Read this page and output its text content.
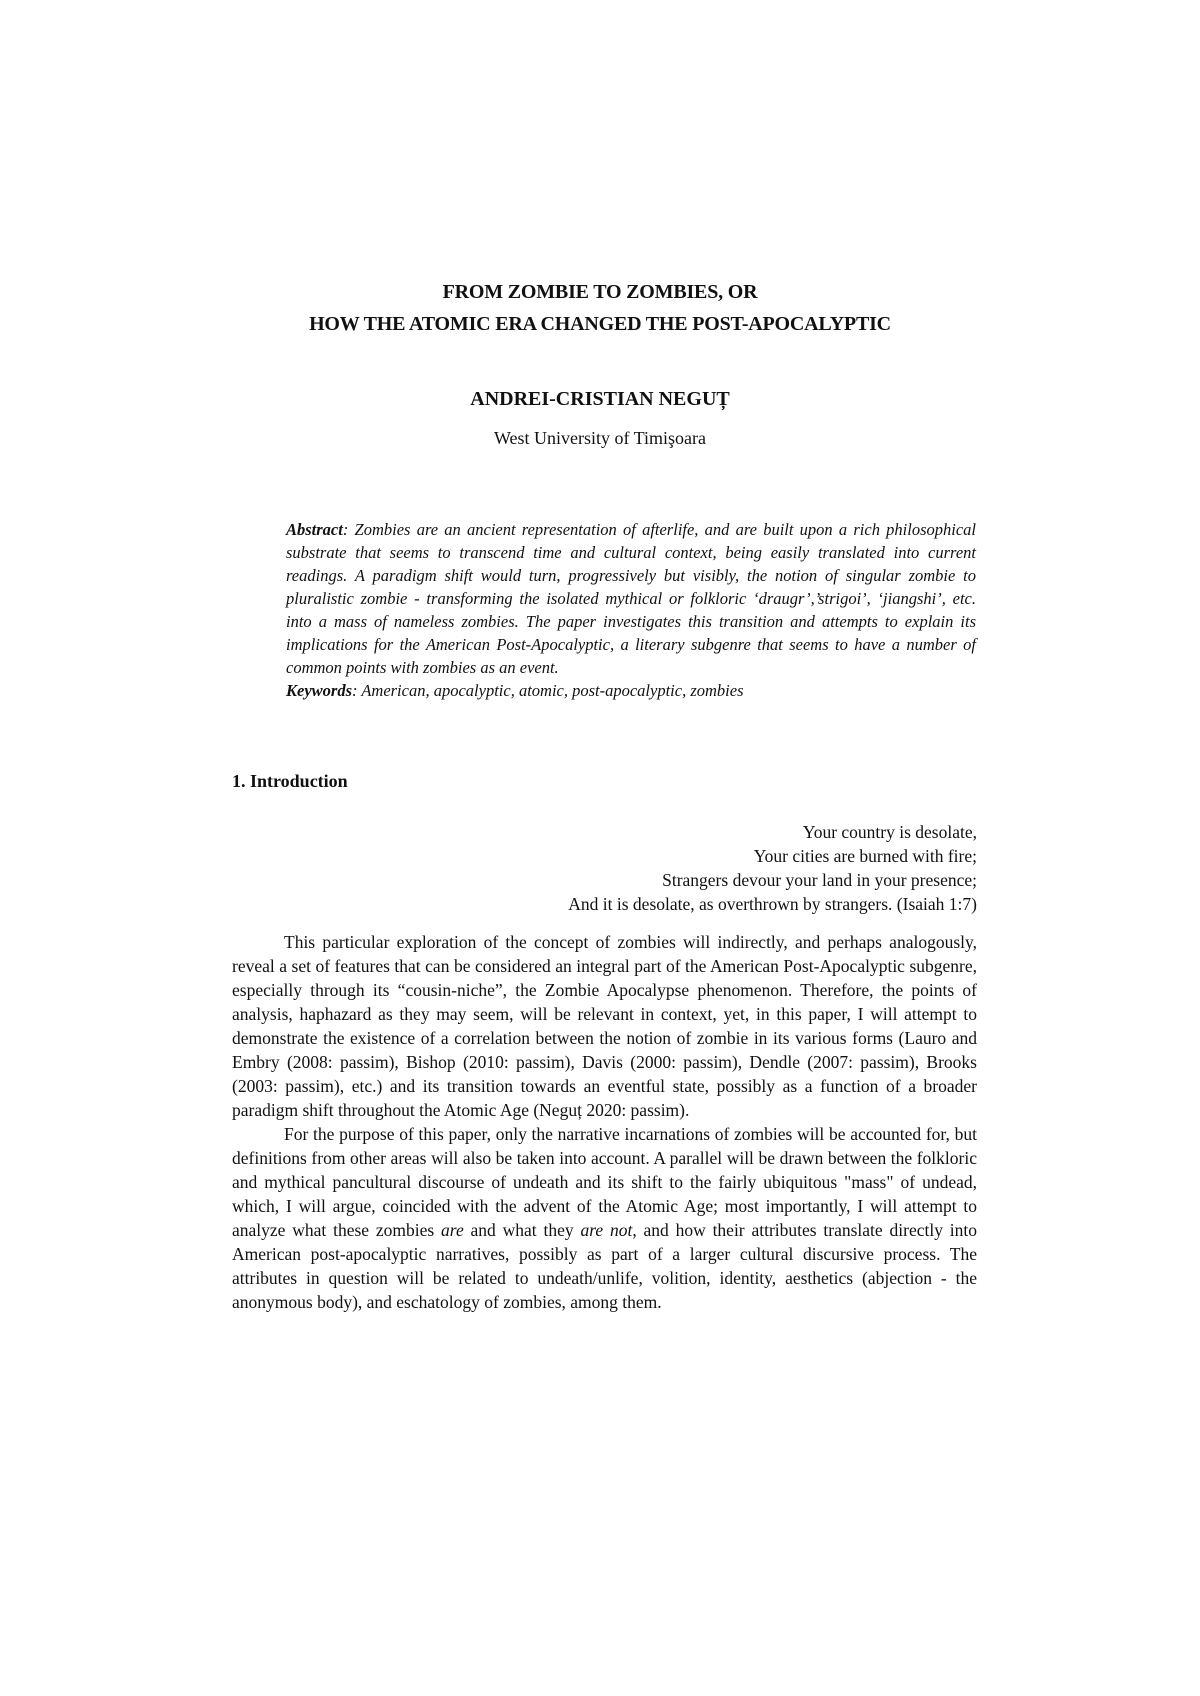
FROM ZOMBIE TO ZOMBIES, OR
HOW THE ATOMIC ERA CHANGED THE POST-APOCALYPTIC
ANDREI-CRISTIAN NEGUȚ
West University of Timişoara
Abstract: Zombies are an ancient representation of afterlife, and are built upon a rich philosophical substrate that seems to transcend time and cultural context, being easily translated into current readings. A paradigm shift would turn, progressively but visibly, the notion of singular zombie to pluralistic zombie - transforming the isolated mythical or folkloric ‘draugr’,’strigoi’, ‘jiangshi’, etc. into a mass of nameless zombies. The paper investigates this transition and attempts to explain its implications for the American Post-Apocalyptic, a literary subgenre that seems to have a number of common points with zombies as an event.
Keywords: American, apocalyptic, atomic, post-apocalyptic, zombies
1. Introduction
Your country is desolate,
Your cities are burned with fire;
Strangers devour your land in your presence;
And it is desolate, as overthrown by strangers. (Isaiah 1:7)

This particular exploration of the concept of zombies will indirectly, and perhaps analogously, reveal a set of features that can be considered an integral part of the American Post-Apocalyptic subgenre, especially through its “cousin-niche”, the Zombie Apocalypse phenomenon. Therefore, the points of analysis, haphazard as they may seem, will be relevant in context, yet, in this paper, I will attempt to demonstrate the existence of a correlation between the notion of zombie in its various forms (Lauro and Embry (2008: passim), Bishop (2010: passim), Davis (2000: passim), Dendle (2007: passim), Brooks (2003: passim), etc.) and its transition towards an eventful state, possibly as a function of a broader paradigm shift throughout the Atomic Age (Neguț 2020: passim).

For the purpose of this paper, only the narrative incarnations of zombies will be accounted for, but definitions from other areas will also be taken into account. A parallel will be drawn between the folkloric and mythical pancultural discourse of undeath and its shift to the fairly ubiquitous "mass" of undead, which, I will argue, coincided with the advent of the Atomic Age; most importantly, I will attempt to analyze what these zombies are and what they are not, and how their attributes translate directly into American post-apocalyptic narratives, possibly as part of a larger cultural discursive process. The attributes in question will be related to undeath/unlife, volition, identity, aesthetics (abjection - the anonymous body), and eschatology of zombies, among them.
